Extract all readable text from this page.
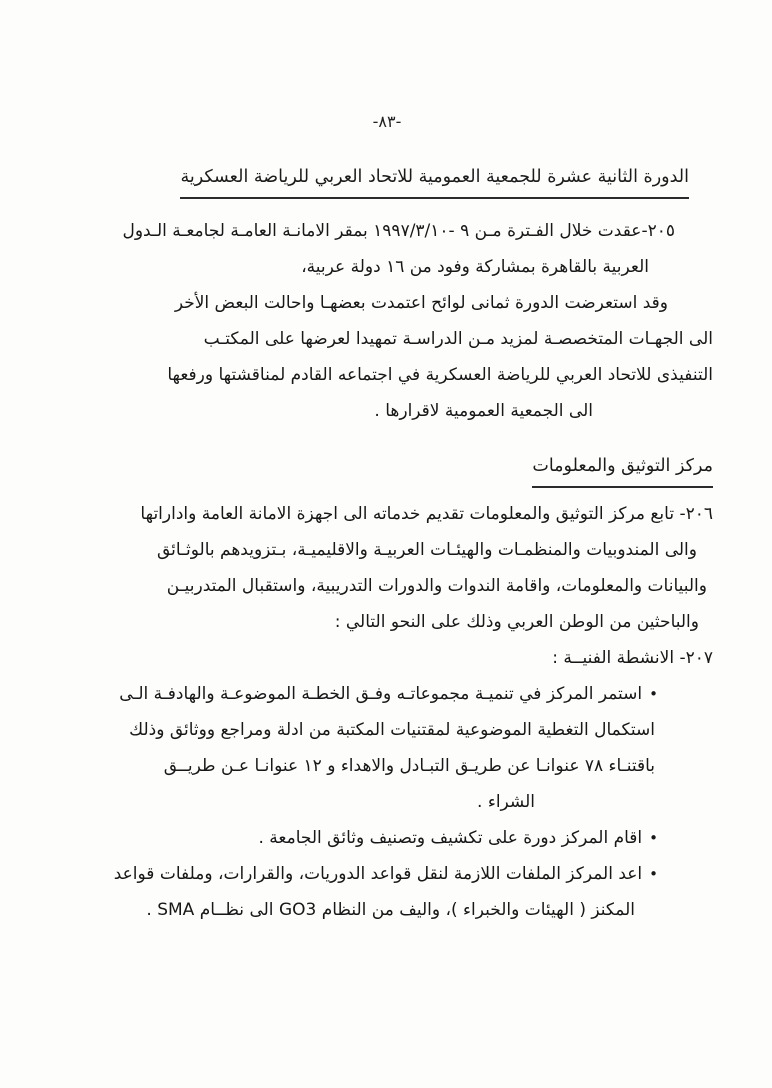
-٨٣-
الدورة الثانية عشرة للجمعية العمومية للاتحاد العربي للرياضة العسكرية
٢٠٥-عقدت خلال الفـترة مـن ٩ -١٩٩٧/٣/١٠ بمقر الامانـة العامـة لجامعـة الـدول
العربية بالقاهرة بمشاركة وفود من ١٦ دولة عربية،
وقد استعرضت الدورة ثمانى لوائح اعتمدت بعضهـا واحالت البعض الأخر
الى الجهـات المتخصصـة لمزيد مـن الدراسـة تمهيدا لعرضها على المكتـب
التنفيذى للاتحاد العربي للرياضة العسكرية في اجتماعه القادم لمناقشتها ورفعها
الى الجمعية العمومية لاقرارها .
مركز التوثيق والمعلومات
٢٠٦- تابع مركز التوثيق والمعلومات تقديم خدماته الى اجهزة الامانة العامة واداراتها
والى المندوبيات والمنظمـات والهيئـات العربيـة والاقليميـة، بـتزويدهم بالوثـائق
والبيانات والمعلومات، واقامة الندوات والدورات التدريبية، واستقبال المتدربيـن
والباحثين من الوطن العربي وذلك على النحو التالي :
٢٠٧- الانشطة الفنيــة :
•استمر المركز في تنميـة مجموعاتـه وفـق الخطـة الموضوعـة والهادفـة الـى
استكمال التغطية الموضوعية لمقتنيات المكتبة من ادلة ومراجع ووثائق وذلك
باقتنـاء ٧٨ عنوانـا عن طريـق التبـادل والاهداء و ١٢ عنوانـا عـن طريــق
الشراء .
•اقام المركز دورة على تكشيف وتصنيف وثائق الجامعة .
•اعد المركز الملفات اللازمة لنقل قواعد الدوريات، والقرارات، وملفات قواعد
المكنز ( الهيئات والخبراء )، واليف من النظام GO3 الى نظــام SMA .
